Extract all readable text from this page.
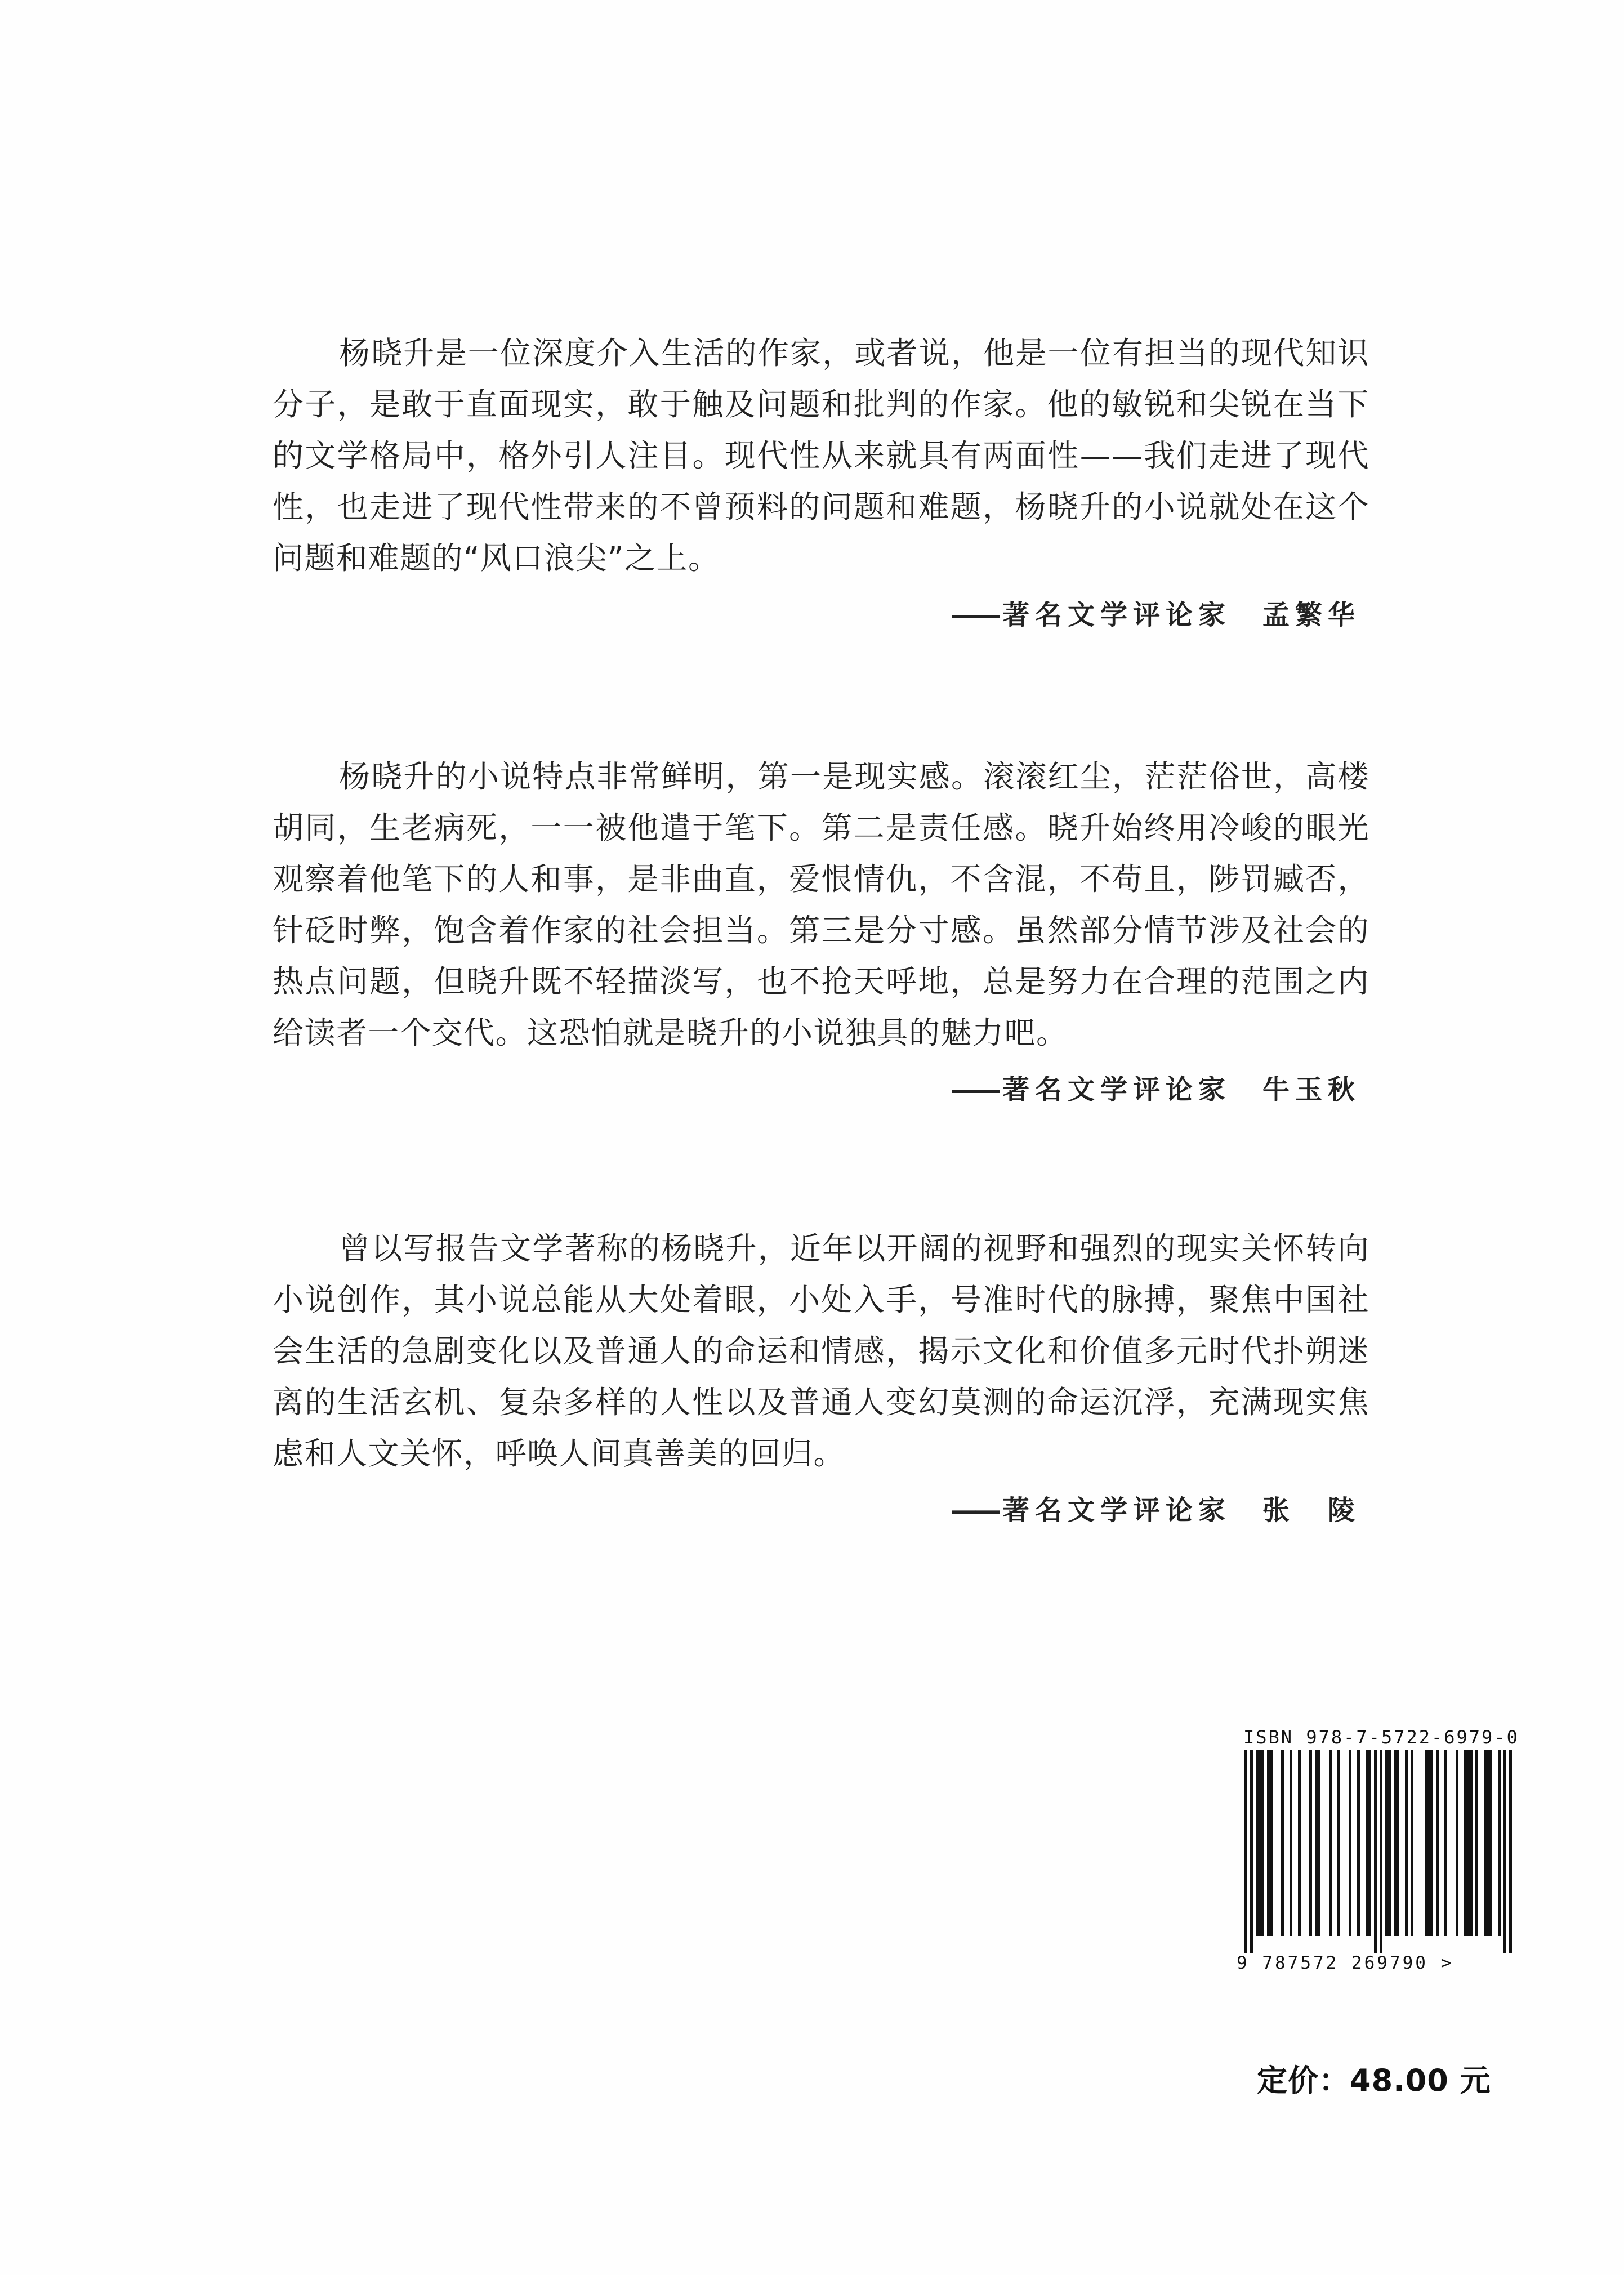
杨晓升是一位深度介入生活的作家，或者说，他是一位有担当的现代知识分子，是敢于直面现实，敢于触及问题和批判的作家。他的敏锐和尖锐在当下的文学格局中，格外引人注目。现代性从来就具有两面性——我们走进了现代性，也走进了现代性带来的不曾预料的问题和难题，杨晓升的小说就处在这个问题和难题的“风口浪尖”之上。

—— 著名文学评论家 孟繁华

杨晓升的小说特点非常鲜明，第一是现实感。滚滚红尘，茫茫俗世，高楼胡同，生老病死，一一被他遣于笔下。第二是责任感。晓升始终用冷峻的眼光观察着他笔下的人和事，是非曲直，爱恨情仇，不含混，不苟且，陟罚臧否，针砭时弊，饱含着作家的社会担当。第三是分寸感。虽然部分情节涉及社会的热点问题，但晓升既不轻描淡写，也不抢天呼地，总是努力在合理的范围之内给读者一个交代。这恐怕就是晓升的小说独具的魅力吧。

—— 著名文学评论家 牛玉秋

曾以写报告文学著称的杨晓升，近年以开阔的视野和强烈的现实关怀转向小说创作，其小说总能从大处着眼，小处入手，号准时代的脉搏，聚焦中国社会生活的急剧变化以及普通人的命运和情感，揭示文化和价值多元时代扑朔迷离的生活玄机、复杂多样的人性以及普通人变幻莫测的命运沉浮，充满现实焦虑和人文关怀，呼唤人间真善美的回归。

—— 著名文学评论家 张　陵
ISBN 978-7-5722-6979-0
9 787572 269790 >
定价：48.00 元
